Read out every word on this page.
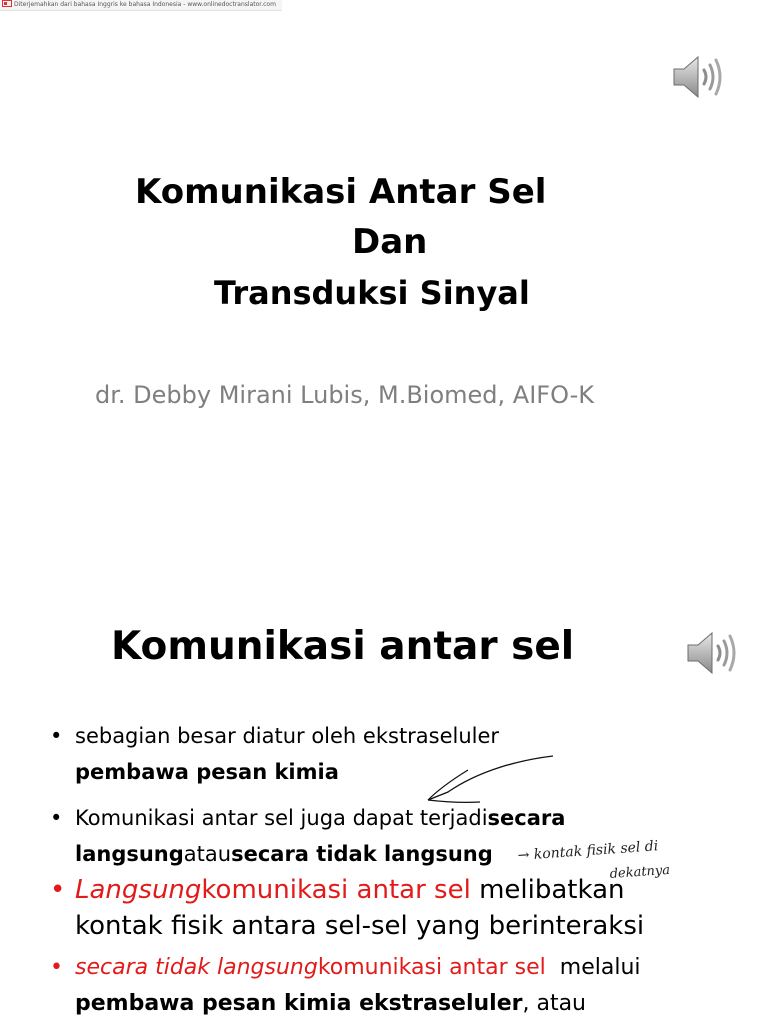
Diterjemahkan dari bahasa Inggris ke bahasa Indonesia - www.onlinedoctranslator.com
Komunikasi Antar Sel
Dan
Transduksi Sinyal
dr. Debby Mirani Lubis, M.Biomed, AIFO-K
Komunikasi antar sel
• sebagian besar diatur oleh ekstraseluler
pembawa pesan kimia
• Komunikasi antar sel juga dapat terjadisecara
langsungatausecara tidak langsung
• Langsungkomunikasi antar sel melibatkan
kontak fisik antara sel-sel yang berinteraksi
• secara tidak langsungkomunikasi antar sel melalui
pembawa pesan kimia ekstraseluler, atau
→ kontak fisik sel di
dekatnya
